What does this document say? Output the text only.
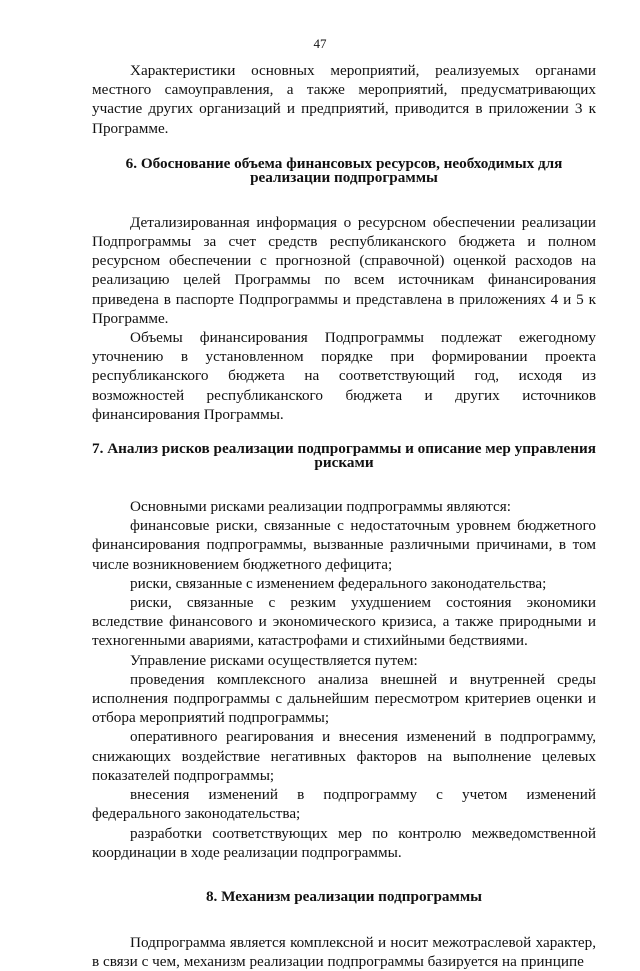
47

Характеристики основных мероприятий, реализуемых органами местного самоуправления, а также мероприятий, предусматривающих участие других организаций и предприятий, приводится в приложении 3 к Программе.

6. Обоснование объема финансовых ресурсов, необходимых для реализации подпрограммы

Детализированная информация о ресурсном обеспечении реализации Подпрограммы за счет средств республиканского бюджета и полном ресурсном обеспечении с прогнозной (справочной) оценкой расходов на реализацию целей Программы по всем источникам финансирования приведена в паспорте Подпрограммы и представлена в приложениях 4 и 5 к Программе.

Объемы финансирования Подпрограммы подлежат ежегодному уточнению в установленном порядке при формировании проекта республиканского бюджета на соответствующий год, исходя из возможностей республиканского бюджета и других источников финансирования Программы.

7. Анализ рисков реализации подпрограммы и описание мер управления рисками

Основными рисками реализации подпрограммы являются:

финансовые риски, связанные с недостаточным уровнем бюджетного финансирования подпрограммы, вызванные различными причинами, в том числе возникновением бюджетного дефицита;

риски, связанные с изменением федерального законодательства;

риски, связанные с резким ухудшением состояния экономики вследствие финансового и экономического кризиса, а также природными и техногенными авариями, катастрофами и стихийными бедствиями.

Управление рисками осуществляется путем:

проведения комплексного анализа внешней и внутренней среды исполнения подпрограммы с дальнейшим пересмотром критериев оценки и отбора мероприятий подпрограммы;

оперативного реагирования и внесения изменений в подпрограмму, снижающих воздействие негативных факторов на выполнение целевых показателей подпрограммы;

внесения изменений в подпрограмму с учетом изменений федерального законодательства;

разработки соответствующих мер по контролю межведомственной координации в ходе реализации подпрограммы.

8. Механизм реализации подпрограммы

Подпрограмма является комплексной и носит межотраслевой характер, в связи с чем, механизм реализации подпрограммы базируется на принципе
